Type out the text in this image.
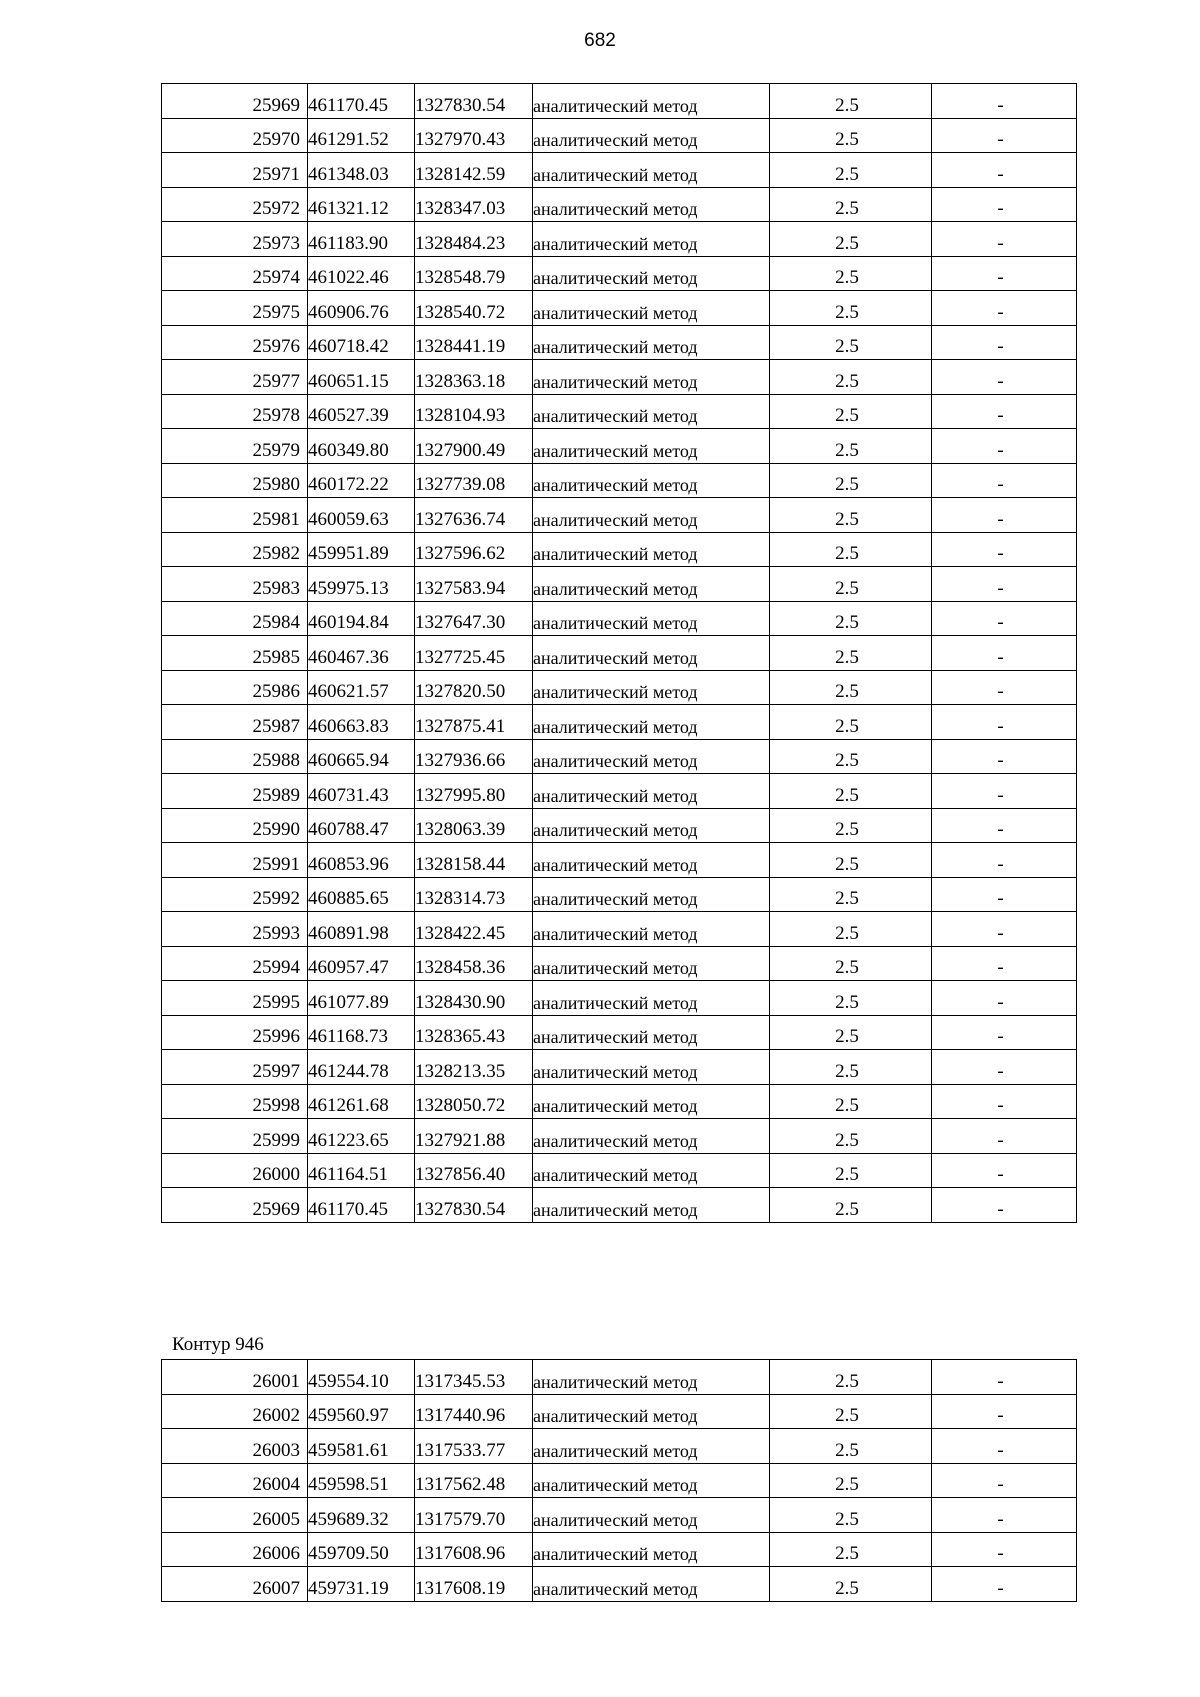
682
25969	461170.45	1327830.54	аналитический метод	2.5	-
25970	461291.52	1327970.43	аналитический метод	2.5	-
25971	461348.03	1328142.59	аналитический метод	2.5	-
25972	461321.12	1328347.03	аналитический метод	2.5	-
25973	461183.90	1328484.23	аналитический метод	2.5	-
25974	461022.46	1328548.79	аналитический метод	2.5	-
25975	460906.76	1328540.72	аналитический метод	2.5	-
25976	460718.42	1328441.19	аналитический метод	2.5	-
25977	460651.15	1328363.18	аналитический метод	2.5	-
25978	460527.39	1328104.93	аналитический метод	2.5	-
25979	460349.80	1327900.49	аналитический метод	2.5	-
25980	460172.22	1327739.08	аналитический метод	2.5	-
25981	460059.63	1327636.74	аналитический метод	2.5	-
25982	459951.89	1327596.62	аналитический метод	2.5	-
25983	459975.13	1327583.94	аналитический метод	2.5	-
25984	460194.84	1327647.30	аналитический метод	2.5	-
25985	460467.36	1327725.45	аналитический метод	2.5	-
25986	460621.57	1327820.50	аналитический метод	2.5	-
25987	460663.83	1327875.41	аналитический метод	2.5	-
25988	460665.94	1327936.66	аналитический метод	2.5	-
25989	460731.43	1327995.80	аналитический метод	2.5	-
25990	460788.47	1328063.39	аналитический метод	2.5	-
25991	460853.96	1328158.44	аналитический метод	2.5	-
25992	460885.65	1328314.73	аналитический метод	2.5	-
25993	460891.98	1328422.45	аналитический метод	2.5	-
25994	460957.47	1328458.36	аналитический метод	2.5	-
25995	461077.89	1328430.90	аналитический метод	2.5	-
25996	461168.73	1328365.43	аналитический метод	2.5	-
25997	461244.78	1328213.35	аналитический метод	2.5	-
25998	461261.68	1328050.72	аналитический метод	2.5	-
25999	461223.65	1327921.88	аналитический метод	2.5	-
26000	461164.51	1327856.40	аналитический метод	2.5	-
25969	461170.45	1327830.54	аналитический метод	2.5	-
Контур 946
26001	459554.10	1317345.53	аналитический метод	2.5	-
26002	459560.97	1317440.96	аналитический метод	2.5	-
26003	459581.61	1317533.77	аналитический метод	2.5	-
26004	459598.51	1317562.48	аналитический метод	2.5	-
26005	459689.32	1317579.70	аналитический метод	2.5	-
26006	459709.50	1317608.96	аналитический метод	2.5	-
26007	459731.19	1317608.19	аналитический метод	2.5	-
